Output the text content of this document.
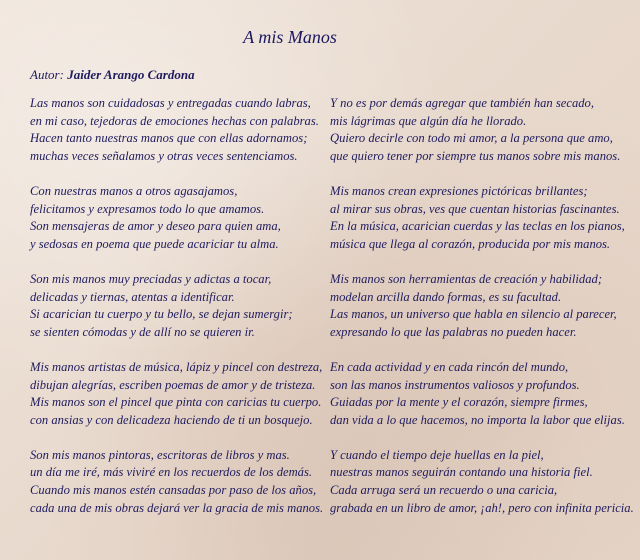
A mis Manos
Autor: Jaider Arango Cardona
Las manos son cuidadosas y entregadas cuando labras,
en mi caso, tejedoras de emociones hechas con palabras.
Hacen tanto nuestras manos que con ellas adornamos;
muchas veces señalamos y otras veces sentenciamos.
Con nuestras manos a otros agasajamos,
felicitamos y expresamos todo lo que amamos.
Son mensajeras de amor y deseo para quien ama,
y sedosas en poema que puede acariciar tu alma.
Son mis manos muy preciadas y adictas a tocar,
delicadas y tiernas, atentas a identificar.
Si acarician tu cuerpo y tu bello, se dejan sumergir;
se sienten cómodas y de allí no se quieren ir.
Mis manos artistas de música, lápiz y pincel con destreza,
dibujan alegrías, escriben poemas de amor y de tristeza.
Mis manos son el pincel que pinta con caricias tu cuerpo.
con ansias y con delicadeza haciendo de ti un bosquejo.
Son mis manos pintoras, escritoras de libros y mas.
un día me iré, más viviré en los recuerdos de los demás.
Cuando mis manos estén cansadas por paso de los años,
cada una de mis obras dejará ver la gracia de mis manos.
Y no es por demás agregar que también han secado,
mis lágrimas que algún día he llorado.
Quiero decirle con todo mi amor, a la persona que amo,
que quiero tener por siempre tus manos sobre mis manos.
Mis manos crean expresiones pictóricas brillantes;
al mirar sus obras, ves que cuentan historias fascinantes.
En la música, acarician cuerdas y las teclas en los pianos,
música que llega al corazón, producida por mis manos.
Mis manos son herramientas de creación y habilidad;
modelan arcilla dando formas, es su facultad.
Las manos, un universo que habla en silencio al parecer,
expresando lo que las palabras no pueden hacer.
En cada actividad y en cada rincón del mundo,
son las manos instrumentos valiosos y profundos.
Guiadas por la mente y el corazón, siempre firmes,
dan vida a lo que hacemos, no importa la labor que elijas.
Y cuando el tiempo deje huellas en la piel,
nuestras manos seguirán contando una historia fiel.
Cada arruga será un recuerdo o una caricia,
grabada en un libro de amor, ¡ah!, pero con infinita pericia.
